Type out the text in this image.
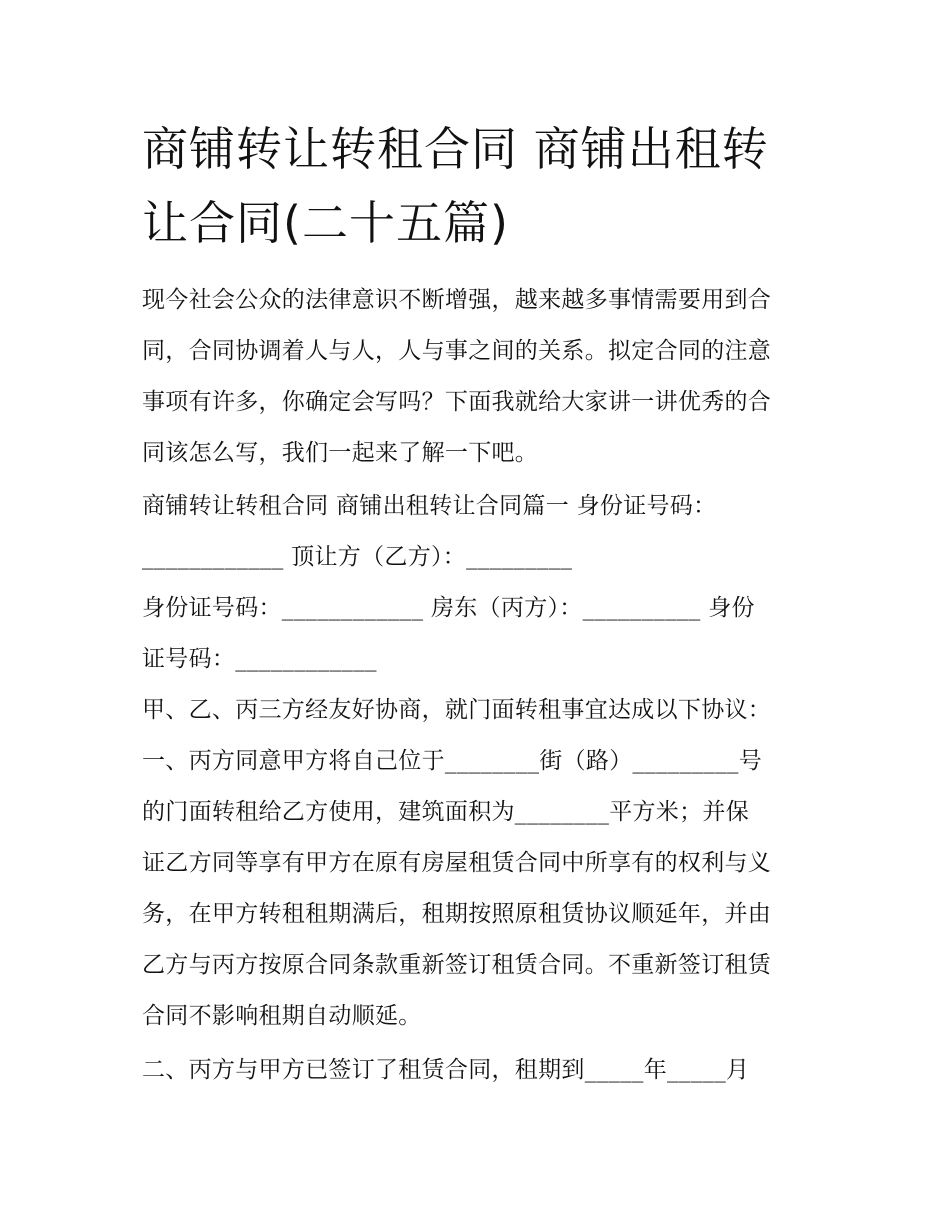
商铺转让转租合同 商铺出租转
让合同(二十五篇)
现今社会公众的法律意识不断增强，越来越多事情需要用到合
同，合同协调着人与人，人与事之间的关系。拟定合同的注意
事项有许多，你确定会写吗？下面我就给大家讲一讲优秀的合
同该怎么写，我们一起来了解一下吧。
商铺转让转租合同 商铺出租转让合同篇一 身份证号码：
____________ 顶让方（乙方）：_________
身份证号码：____________ 房东（丙方）：__________ 身份
证号码：____________
甲、乙、丙三方经友好协商，就门面转租事宜达成以下协议：
一、丙方同意甲方将自己位于________街（路）_________号
的门面转租给乙方使用，建筑面积为________平方米；并保
证乙方同等享有甲方在原有房屋租赁合同中所享有的权利与义
务，在甲方转租租期满后，租期按照原租赁协议顺延年，并由
乙方与丙方按原合同条款重新签订租赁合同。不重新签订租赁
合同不影响租期自动顺延。
二、丙方与甲方已签订了租赁合同，租期到_____年_____月
